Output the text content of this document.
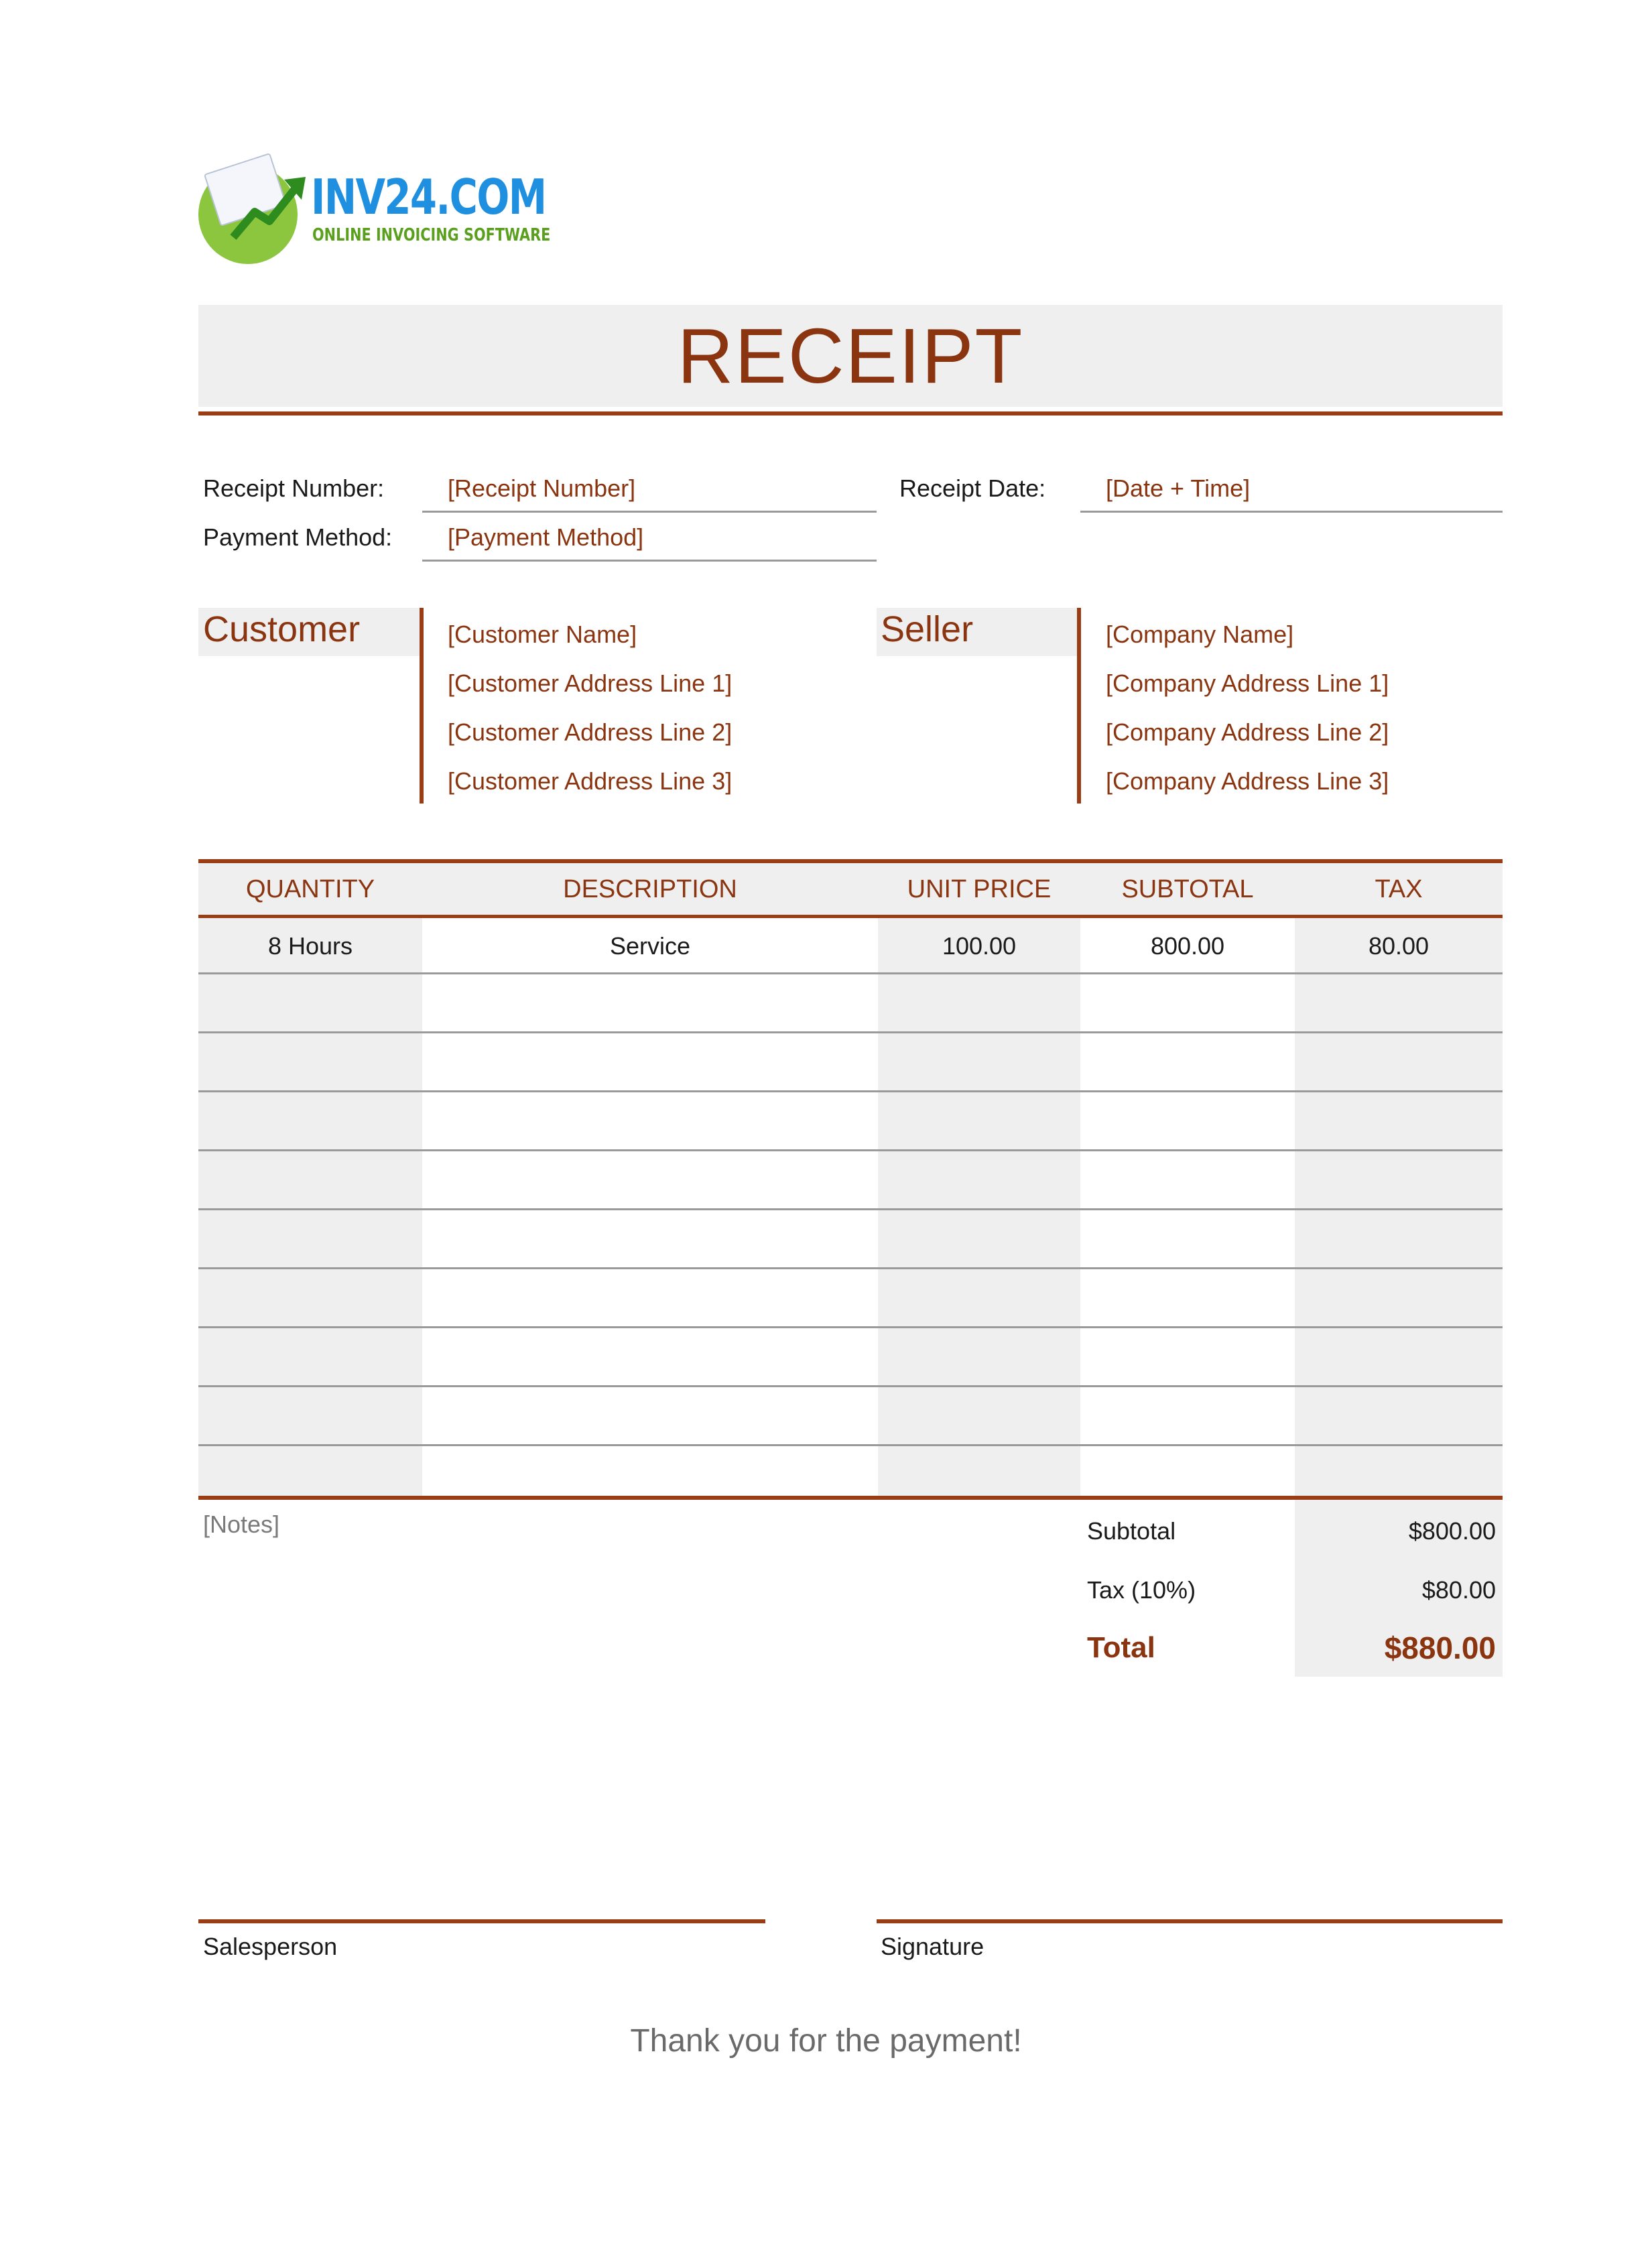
INV24.COM
ONLINE INVOICING SOFTWARE
RECEIPT
Receipt Number:	[Receipt Number]
Payment Method: [Payment Method]
Receipt Date: [Date + Time]
Customer	[Customer Name]
[Customer Address Line 1]
[Customer Address Line 2]
[Customer Address Line 3]
Seller	[Company Name]
[Company Address Line 1]
[Company Address Line 2]
[Company Address Line 3]
QUANTITY	DESCRIPTION	UNIT PRICE	SUBTOTAL	TAX
8 Hours	Service	100.00	800.00	80.00
[Notes]	Subtotal	$800.00
Tax (10%)	$80.00
Total	$880.00
Salesperson	Signature
Thank you for the payment!
